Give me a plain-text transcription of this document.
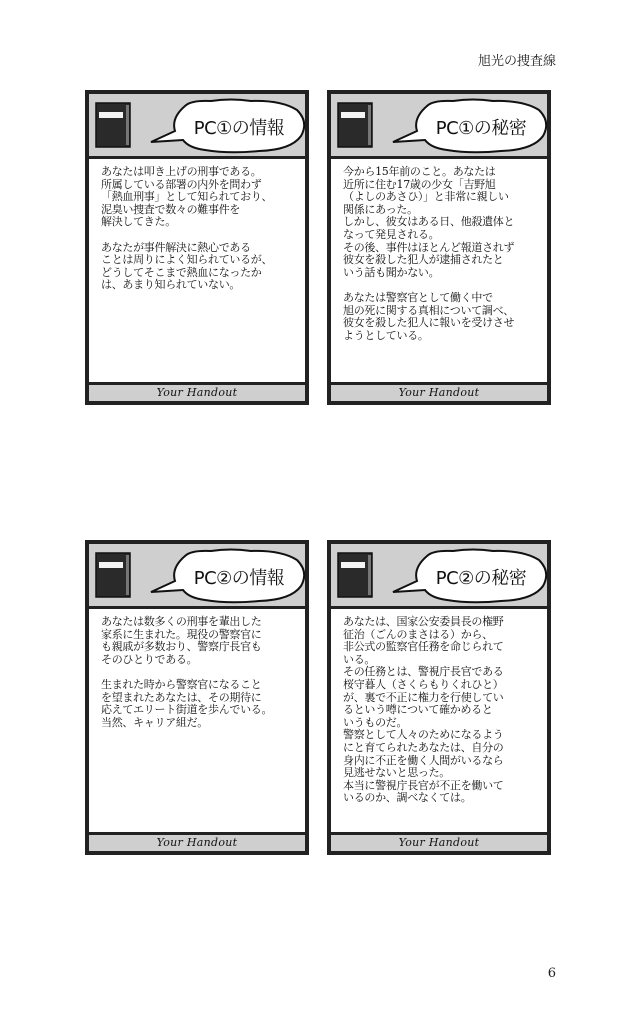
旭光の捜査線
PC①の情報

あなたは叩き上げの刑事である。
所属している部署の内外を問わず
「熱血刑事」として知られており、
泥臭い捜査で数々の難事件を
解決してきた。

あなたが事件解決に熱心である
ことは周りによく知られているが、
どうしてそこまで熱血になったか
は、あまり知られていない。

Your Handout
PC①の秘密

今から15年前のこと。あなたは
近所に住む17歳の少女「吉野旭
（よしのあさひ）」と非常に親しい
関係にあった。
しかし、彼女はある日、他殺遺体と
なって発見される。
その後、事件はほとんど報道されず
彼女を殺した犯人が逮捕されたと
いう話も聞かない。

あなたは警察官として働く中で
旭の死に関する真相について調べ、
彼女を殺した犯人に報いを受けさせ
ようとしている。

Your Handout
PC②の情報

あなたは数多くの刑事を輩出した
家系に生まれた。現役の警察官に
も親戚が多数おり、警察庁長官も
そのひとりである。

生まれた時から警察官になること
を望まれたあなたは、その期待に
応えてエリート街道を歩んでいる。
当然、キャリア組だ。

Your Handout
PC②の秘密

あなたは、国家公安委員長の権野
征治（ごんのまさはる）から、
非公式の監察官任務を命じられて
いる。
その任務とは、警視庁長官である
桜守暮人（さくらもりくれひと）
が、裏で不正に権力を行使してい
るという噂について確かめると
いうものだ。
警察として人々のためになるよう
にと育てられたあなたは、自分の
身内に不正を働く人間がいるなら
見逃せないと思った。
本当に警視庁長官が不正を働いて
いるのか、調べなくては。

Your Handout
6
